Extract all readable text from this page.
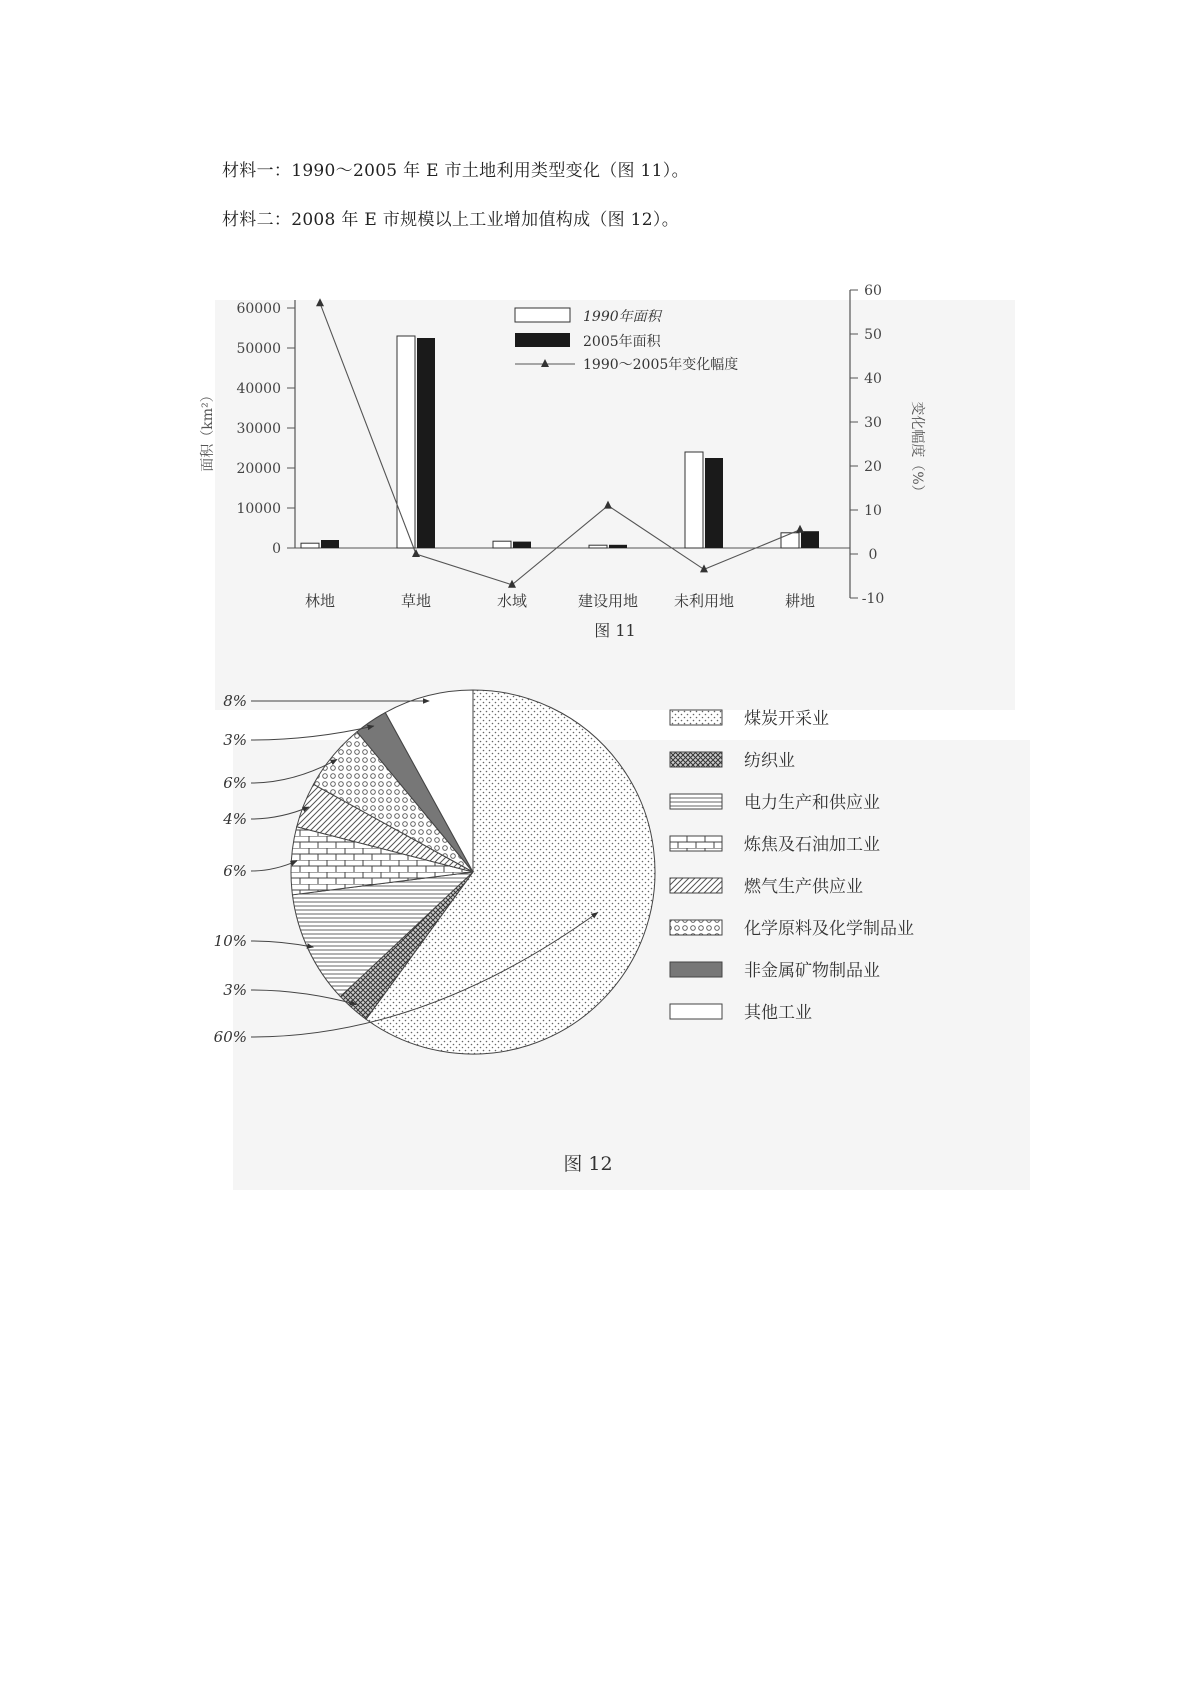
材料一：1990～2005 年 E 市土地利用类型变化（图 11）。
材料二：2008 年 E 市规模以上工业增加值构成（图 12）。
0
10000
20000
30000
40000
50000
60000
-10
0
10
20
30
40
50
60
林地	草地	水域	建设用地 未利用地	耕地
面积（km²）	变化幅度（%）
1990年面积
2005年面积
1990～2005年变化幅度
图 11
60%
3%
10%
6%
4%
6%
3%
8%
煤炭开采业
纺织业
电力生产和供应业
炼焦及石油加工业
燃气生产供应业
化学原料及化学制品业
非金属矿物制品业
其他工业
图 12
